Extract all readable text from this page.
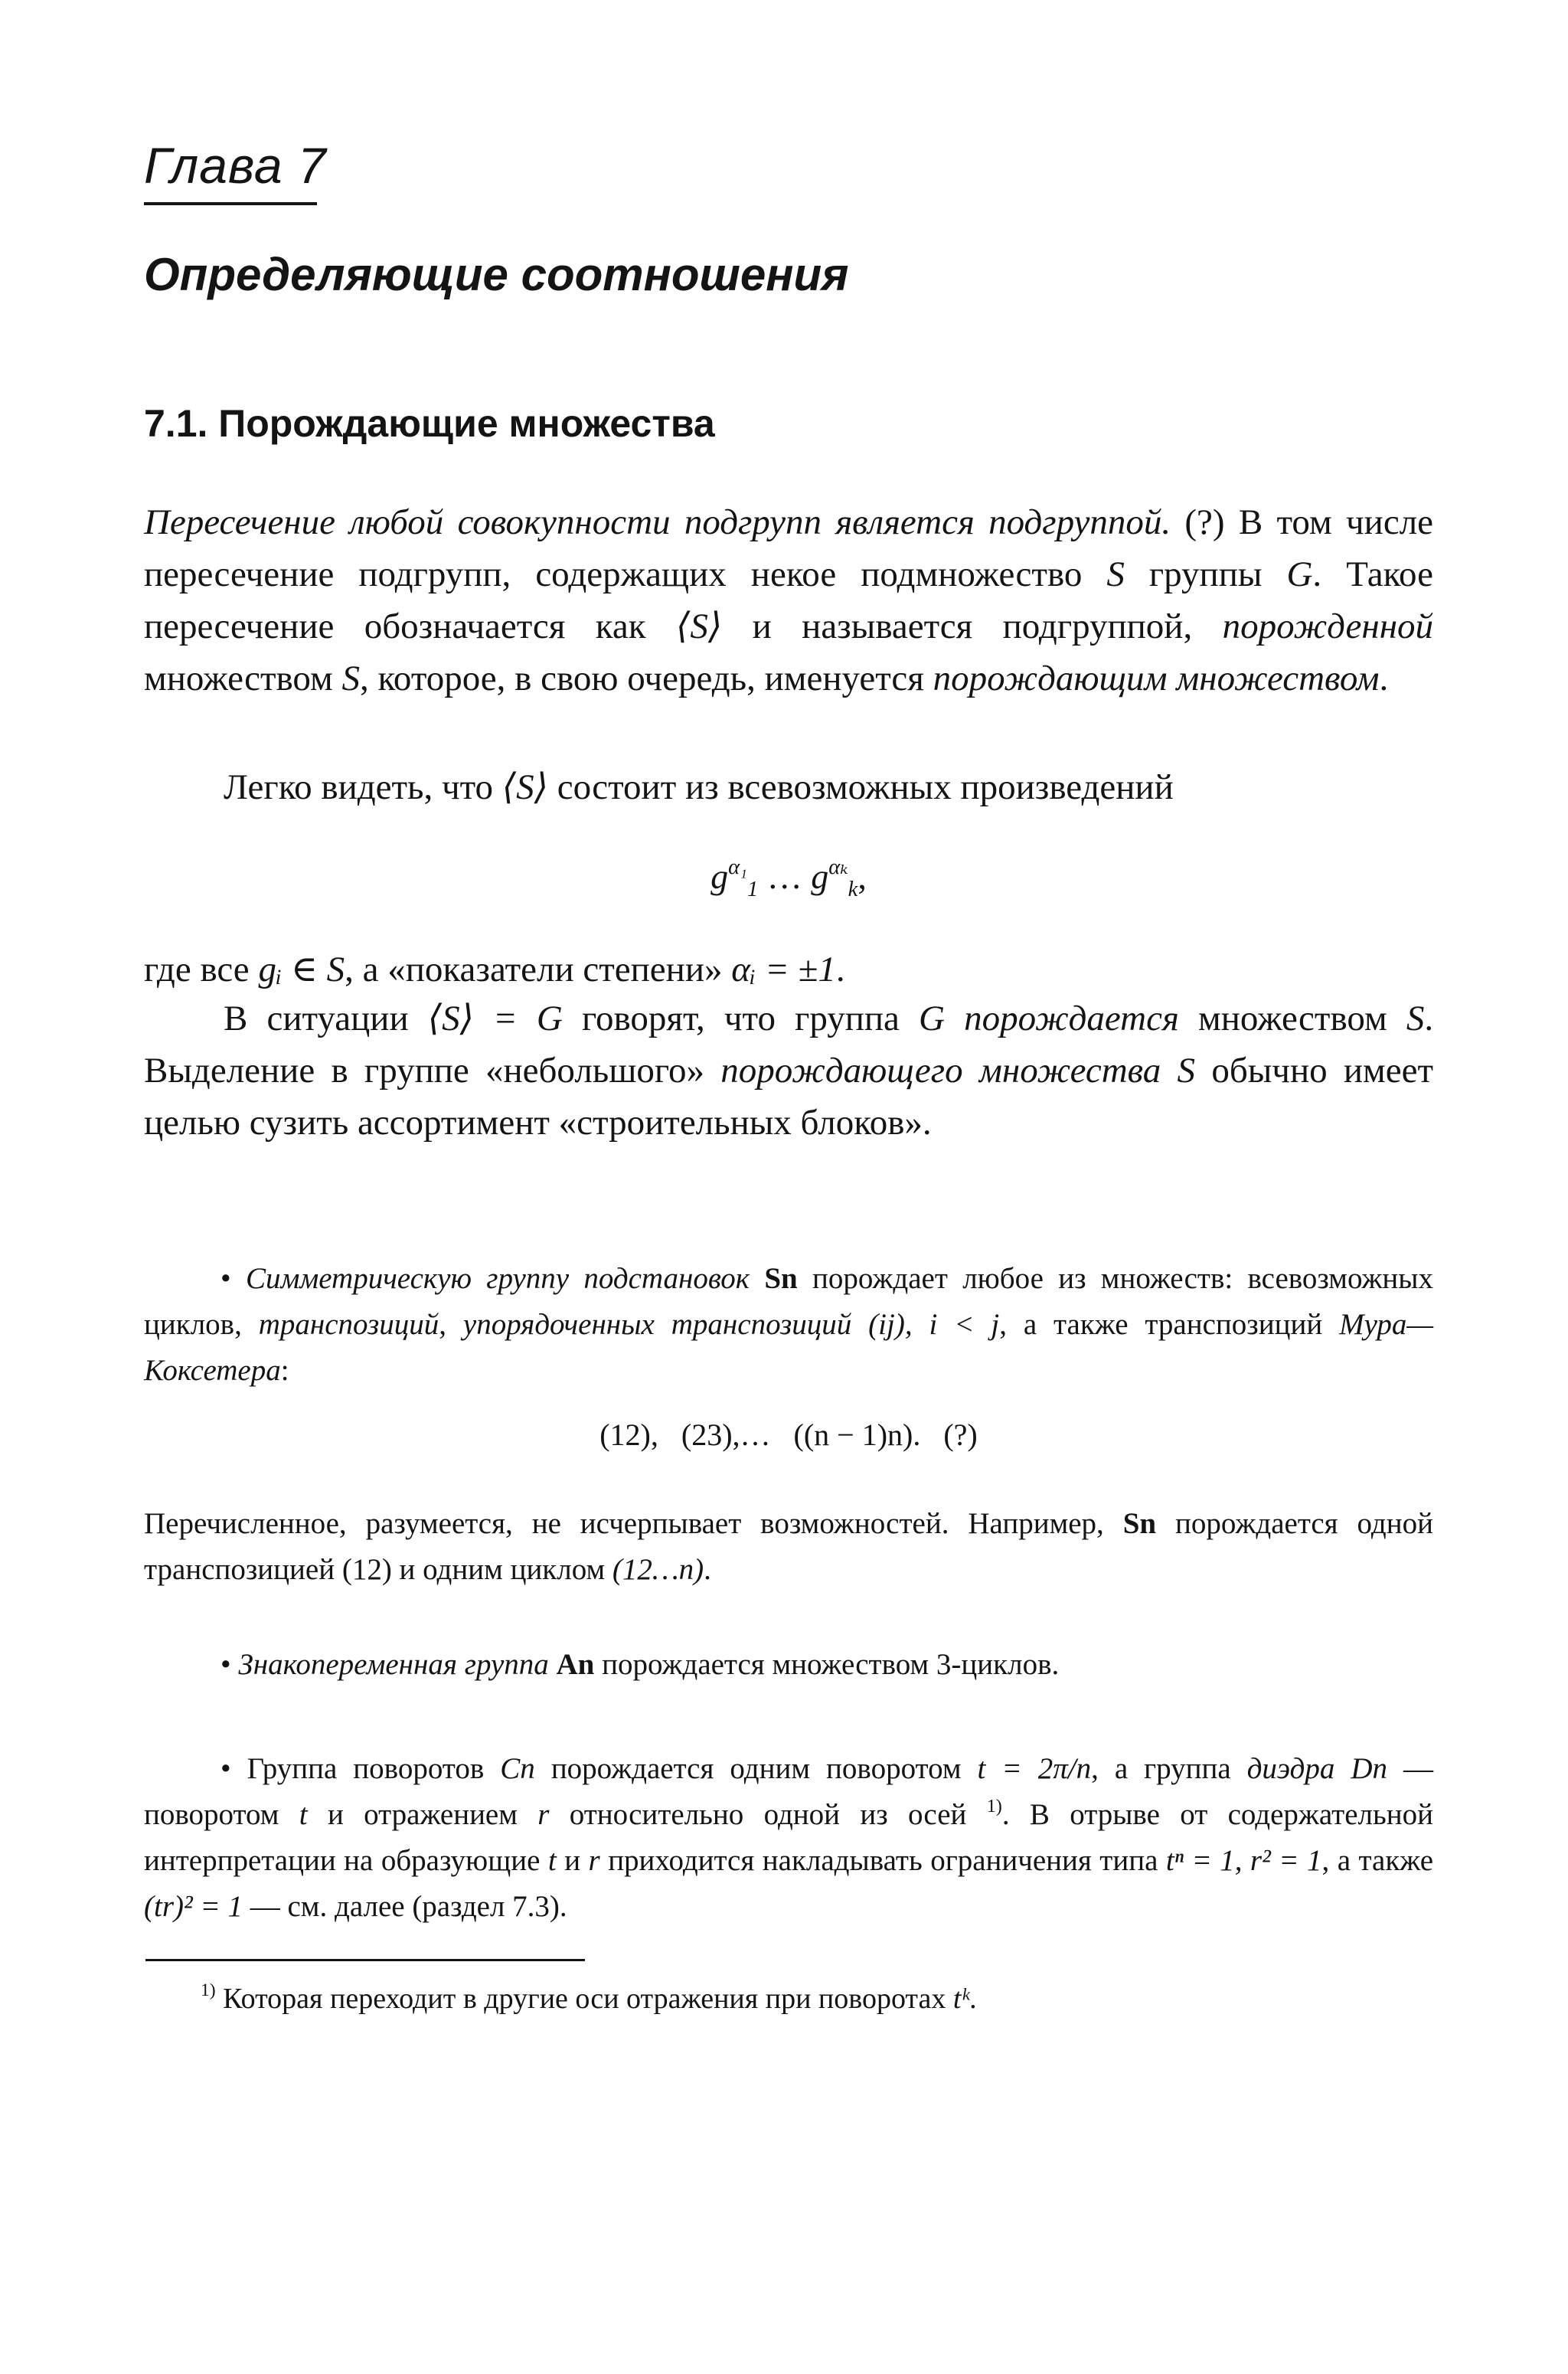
Глава 7
Определяющие соотношения
7.1. Порождающие множества
Пересечение любой совокупности подгрупп является подгруппой. (?) В том числе пересечение подгрупп, содержащих некое подмножество S группы G. Такое пересечение обозначается как ⟨S⟩ и называется подгруппой, порожденной множеством S, которое, в свою очередь, именуется порождающим множеством.
Легко видеть, что ⟨S⟩ состоит из всевозможных произведений
$g^{\alpha_1}_1$ … $g^{\alpha_k}_k$,
где все gᵢ ∈ S, а «показатели степени» αᵢ = ±1.
В ситуации ⟨S⟩ = G говорят, что группа G порождается множеством S. Выделение в группе «небольшого» порождающего множества S обычно имеет целью сузить ассортимент «строительных блоков».
• Симметрическую группу подстановок Sn порождает любое из множеств: всевозможных циклов, транспозиций, упорядоченных транспозиций (ij), i < j, а также транспозиций Мура—Коксетера:
(12),   (23),…   ((n − 1)n).   (?)
Перечисленное, разумеется, не исчерпывает возможностей. Например, Sn порождается одной транспозицией (12) и одним циклом (12…n).
• Знакопеременная группа An порождается множеством 3-циклов.
• Группа поворотов Cn порождается одним поворотом t = 2π/n, а группа диэдра Dn — поворотом t и отражением r относительно одной из осей $^{1)}$. В отрыве от содержательной интерпретации на образующие t и r приходится накладывать ограничения типа tⁿ = 1, r² = 1, а также (tr)² = 1 — см. далее (раздел 7.3).
$^{1)}$ Которая переходит в другие оси отражения при поворотах tᵏ.
